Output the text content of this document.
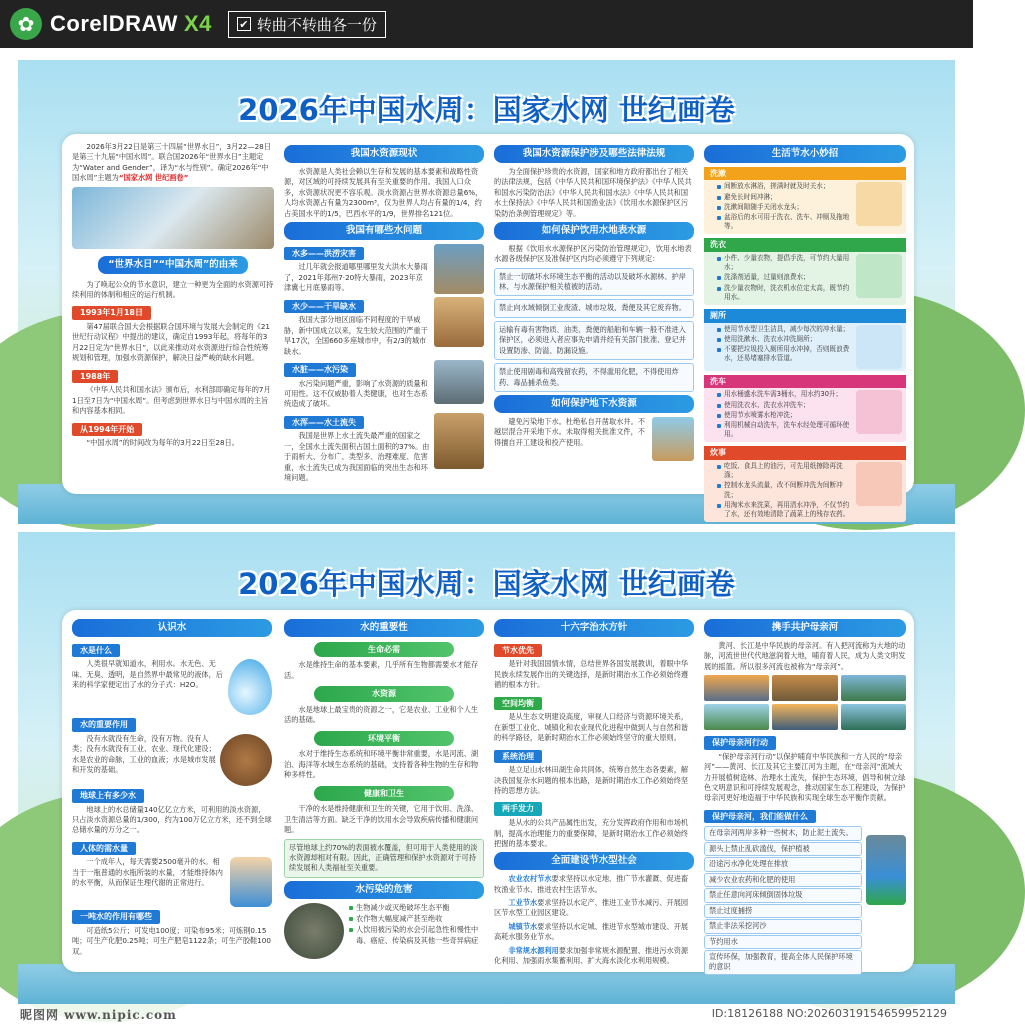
✿ CorelDRAW X4 ✔ 转曲不转曲各一份
2026年中国水周：国家水网 世纪画卷

2026年3月22日是第三十四届“世界水日”，3月22—28日是第三十九届“中国水周”。联合国2026年“世界水日”主题定为“Water and Gender”，译为“水与性别”。确定2026年“中国水周”主题为“国家水网 世纪画卷”

“世界水日”“中国水周”的由来

为了唤起公众的节水意识，建立一种更为全面的水资源可持续利用的体制和相应的运行机制。

1993年1月18日

第47届联合国大会根据联合国环境与发展大会制定的《21世纪行动议程》中提出的建议，确定自1993年起，将每年的3月22日定为“世界水日”，以此来推动对水资源进行综合性统筹规划和管理，加强水资源保护，解决日益严峻的缺水问题。

1988年

《中华人民共和国水法》颁布后，水利部即确定每年的7月1日至7日为“中国水周”。但考虑到世界水日与中国水周的主旨和内容基本相同。

从1994年开始

“中国水周”的时间改为每年的3月22日至28日。

我国水资源现状

水资源是人类社会赖以生存和发展的基本要素和战略性资源，对区域的可持续发展具有至关重要的作用。我国人口众多，水资源状况更不容乐观。淡水资源占世界水资源总量6%，人均水资源占有量为2300m³，仅为世界人均占有量的1/4，约占美国水平的1/5，巴西水平的1/9，世界排名121位。

我国有哪些水问题
水多——洪涝灾害

过几年就会报道哪里哪里发大洪水大暴雨了，2021年郑州7·20特大暴雨，2023年京津冀七月底暴雨等。

水少——干旱缺水

我国大部分地区面临不同程度的干旱威胁，新中国成立以来，发生较大范围的严重干旱17次，全国660多座城市中，有2/3的城市缺水。

水脏——水污染

水污染问题严重，影响了水资源的质量和可用性。这不仅威胁着人类健康，也对生态系统造成了破坏。

水浑——水土流失

我国是世界上水土流失最严重的国家之一，全国水土流失面积占国土面积的37%。由于雨析大、分布广、类型多、治理难度、危害重，水土流失已成为我国面临的突出生态和环境问题。

我国水资源保护涉及哪些法律法规

为全面保护珍贵的水资源，国家和地方政府都出台了相关的法律法规，包括《中华人民共和国环境保护法》《中华人民共和国水污染防治法》《中华人民共和国水法》《中华人民共和国水土保持法》《中华人民共和国渔业法》《饮用水水源保护区污染防治条例管理规定》等。

如何保护饮用水地表水源

根据《饮用水水源保护区污染防治管理规定》，饮用水地表水源各级保护区及准保护区内均必须遵守下列规定：

禁止一切破坏水环境生态平衡的活动以及破坏水源林、护岸林、与水源保护相关植被的活动。
禁止向水域倾倒工业废渣、城市垃圾、粪便及其它废弃物。
运输有毒有害物质、油类、粪便的船舶和车辆一般不准进入保护区，必须进入者应事先申请并经有关部门批准、登记并设置防渗、防溢、防漏设施。
禁止使用剧毒和高残留农药，不得滥用化肥，不得使用炸药、毒品捕杀鱼类。
如何保护地下水资源

避免污染地下水。杜绝私自开凿取水井。不越层混合开采地下水。未取得相关批准文件，不得擅自开工建设和投产使用。

生活节水小妙招
洗漱
间断放水淋浴，搓满时就及时关水；
避免长时间冲淋；
洗漱间隙随手关闭水龙头；
盆浴后的水可用于洗衣、洗车、冲厕及拖地等。
洗衣
小件、少量衣物，提倡手洗，可节约大量用水；
洗涤剂适量，过量则浪费水；
洗少量衣物时，洗衣机水位定太高，既节约用水。
厕所
使用节水型卫生洁具，减少每次的冲水量；
使用洗漱水、洗衣水冲洗厕所；
不要把垃圾投入厕所用水冲掉，否则既浪费水，还易堵塞排水管道。
洗车
用水桶盛水洗车需3桶水，用水约30升；
使用洗衣水、洗衣水冲洗车；
使用节水喷雾水枪冲洗；
利用机械自动洗车，洗车水经处理可循环使用。
炊事
吃饭、食具上的油污，可先用纸擦除再洗涤；
控制水龙头流量，改不间断冲洗为间断冲洗；
用淘米水来洗菜，再用清水冲净，不仅节约了水，还有效地清除了蔬菜上的残存农药。
2026年中国水周：国家水网 世纪画卷
认识水
水是什么

人类很早就知道水，利用水。水无色、无味、无臭、透明，是自然界中最常见的液体，后来的科学家便定出了水的分子式：H2O。

水的重要作用

没有水就没有生命，没有万物。没有人类；没有水就没有工业、农业、现代化建设；水是农业的命脉，工业的血液；水是城市发展和开发的基础。

地球上有多少水

地球上的水总储量140亿亿立方米，可利用的淡水资源，只占淡水资源总量的1/300，约为100万亿立方米，还不到全球总储水量的万分之一。

人体的需水量

一个成年人，每天需要2500毫升的水。相当于一瓶普通的水瓶所装的水量，才能维持体内的水平衡，从而保证生理代谢的正常进行。

一吨水的作用有哪些

可造纸5公斤；可发电100度；可染布95米；可炼钢0.15吨；可生产化肥0.25吨；可生产肥皂1122条；可生产胶鞋100双。

水的重要性
生命必需

水是维持生命的基本要素，几乎所有生物都需要水才能存活。

水资源

水是地球上最宝贵的资源之一，它是农业、工业和个人生活的基础。

环境平衡

水对于维持生态系统和环境平衡非常重要，水是河流、湖泊、海洋等水域生态系统的基础，支持着各种生物的生存和物种多样性。

健康和卫生

干净的水是维持健康和卫生的关键，它用于饮用、洗涤、卫生清洁等方面。缺乏干净的饮用水会导致疾病传播和健康问题。

尽管地球上约70%的表面被水覆盖，但可用于人类使用的淡水资源却相对有限。因此，正确管理和保护水资源对于可持续发展和人类福祉至关重要。
水污染的危害
生物减少或灭绝破坏生态平衡
农作物大幅度减产甚至绝收
人饮用被污染的水会引起急性和慢性中毒、癌症、传染病及其他一些奇异病症
十六字治水方针
节水优先

是针对我国国情水情，总结世界各国发展教训，着眼中华民族永续发展作出的关键选择，是新时期治水工作必须始终遵循的根本方针。

空间均衡

是从生态文明建设高度，审视人口经济与资源环境关系，在新型工业化、城镇化和农业现代化进程中做到人与自然和谐的科学路径，是新时期治水工作必须始终坚守的重大原则。

系统治理

是立足山水林田湖生命共同体，统筹自然生态各要素，解决我国复杂水问题的根本出路，是新时期治水工作必须始终坚持的思想方法。

两手发力

是从水的公共产品属性出发，充分发挥政府作用和市场机制，提高水治理能力的重要保障，是新时期治水工作必须始终把握的基本要求。

全面建设节水型社会

农业农村节水要求坚持以水定地、推广节水灌溉、促进畜牧渔业节水、推进农村生活节水。

工业节水要求坚持以水定产、推进工业节水减污、开展园区节水型工业园区建设。

城镇节水要求坚持以水定城、推进节水型城市建设、开展高耗水服务业节水。

非常规水源利用要求加强非常规水源配置、推进污水资源化利用、加强雨水集蓄利用、扩大海水淡化水利用规模。

携手共护母亲河

黄河、长江是中华民族的母亲河。有人把河流称为大地的动脉，河流世世代代地滋润着大地，哺育着人民，成为人类文明发展的摇篮。所以很多河流也被称为“母亲河”。

保护母亲河行动

“保护母亲河行动”以保护哺育中华民族和一方人民的“母亲河”——黄河、长江及其它主要江河为主题，在“母亲河”流域大力开展植树造林、治理水土流失，保护生态环境，倡导和树立绿色文明意识和可持续发展观念，推动国家生态工程建设，为保护母亲河更好地造福于中华民族和实现全球生态平衡作贡献。

保护母亲河，我们能做什么
在母亲河两岸多种一些树木，防止泥土流失。
源头上禁止乱砍滥伐，保护植被
沿途污水净化处理在排放
减少农业农药和化肥的使用
禁止任意向河床倾倒固体垃圾
禁止过度捕捞
禁止非法采挖河沙
节约用水
宣传环保，加强教育，提高全体人民保护环境的意识
昵图网 www.nipic.com	ID:18126188 NO:20260319154659952129
